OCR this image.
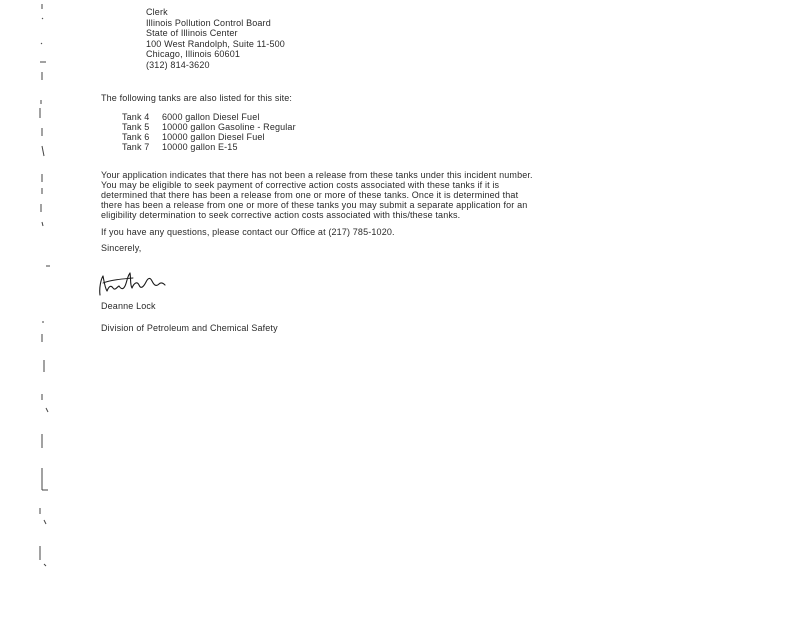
Clerk
Illinois Pollution Control Board
State of Illinois Center
100 West Randolph, Suite 11-500
Chicago, Illinois 60601
(312) 814-3620
The following tanks are also listed for this site:
Tank 4	6000 gallon Diesel Fuel
Tank 5	10000 gallon Gasoline - Regular
Tank 6	10000 gallon Diesel Fuel
Tank 7	10000 gallon E-15
Your application indicates that there has not been a release from these tanks under this incident number.
You may be eligible to seek payment of corrective action costs associated with these tanks if it is
determined that there has been a release from one or more of these tanks. Once it is determined that
there has been a release from one or more of these tanks you may submit a separate application for an
eligibility determination to seek corrective action costs associated with this/these tanks.
If you have any questions, please contact our Office at (217) 785-1020.
Sincerely,
Deanne Lock
Division of Petroleum and Chemical Safety
